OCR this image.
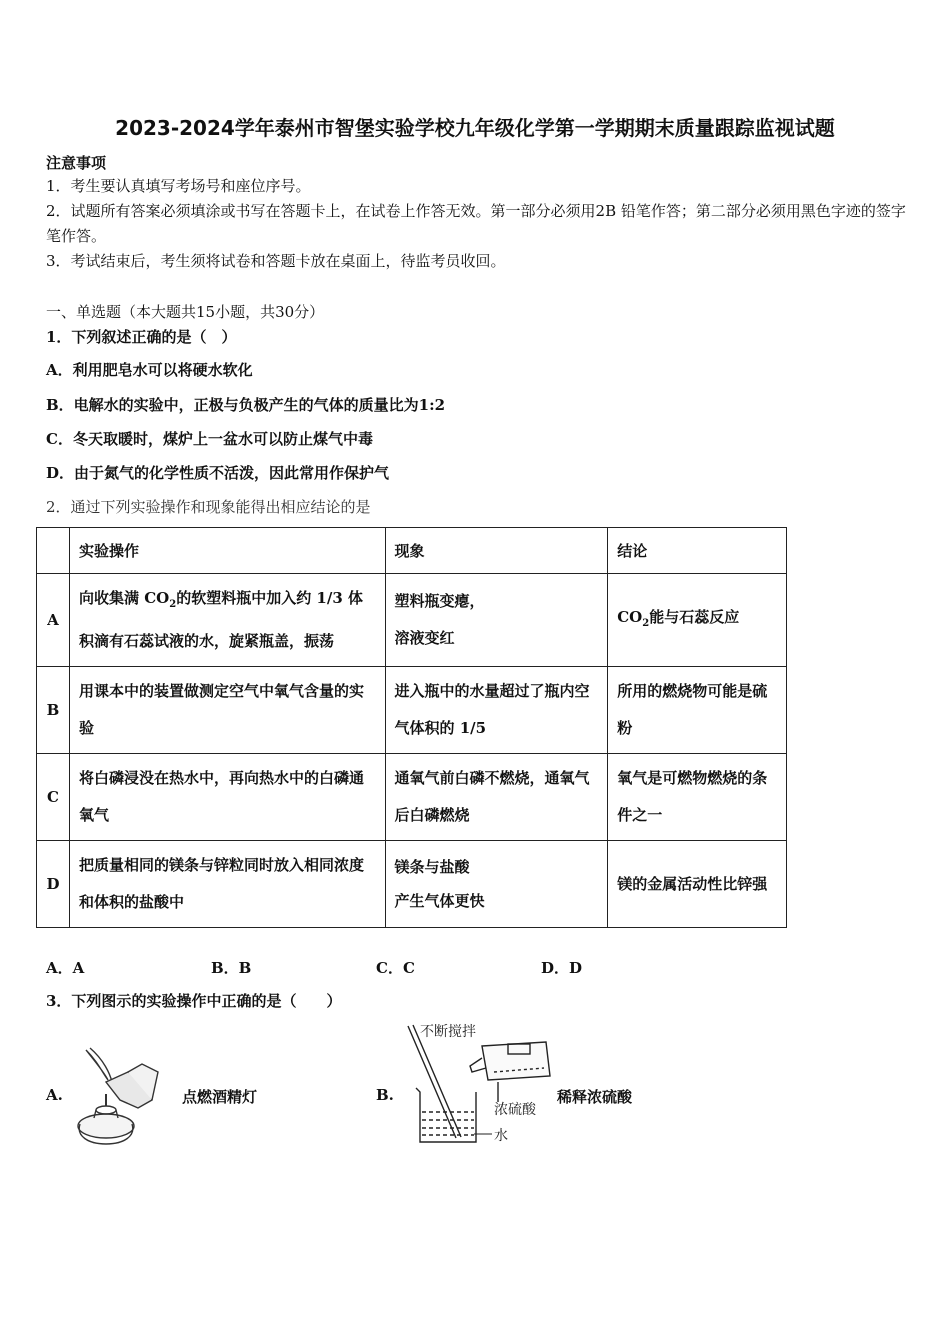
2023-2024学年泰州市智堡实验学校九年级化学第一学期期末质量跟踪监视试题
注意事项
1．考生要认真填写考场号和座位序号。
2．试题所有答案必须填涂或书写在答题卡上，在试卷上作答无效。第一部分必须用2B 铅笔作答；第二部分必须用黑色字迹的签字笔作答。
3．考试结束后，考生须将试卷和答题卡放在桌面上，待监考员收回。
一、单选题（本大题共15小题，共30分）
1．下列叙述正确的是（　）
A．利用肥皂水可以将硬水软化
B．电解水的实验中，正极与负极产生的气体的质量比为1:2
C．冬天取暖时，煤炉上一盆水可以防止煤气中毒
D．由于氮气的化学性质不活泼，因此常用作保护气
2．通过下列实验操作和现象能得出相应结论的是
	实验操作	现象	结论
A	向收集满 $CO_2$的软塑料瓶中加入约 1/3 体积滴有石蕊试液的水，旋紧瓶盖，振荡	塑料瓶变瘪，
溶液变红	$CO_2$能与石蕊反应
B	用课本中的装置做测定空气中氧气含量的实验	进入瓶中的水量超过了瓶内空气体积的 1/5	所用的燃烧物可能是硫粉
C	将白磷浸没在热水中，再向热水中的白磷通氧气	通氧气前白磷不燃烧，通氧气后白磷燃烧	氧气是可燃物燃烧的条件之一
D	把质量相同的镁条与锌粒同时放入相同浓度和体积的盐酸中	镁条与盐酸
产生气体更快	镁的金属活动性比锌强
A．A	B．B	C．C	D．D
3．下列图示的实验操作中正确的是（　　）
A.	点燃酒精灯	B.
不断搅拌
浓硫酸
水
稀释浓硫酸
